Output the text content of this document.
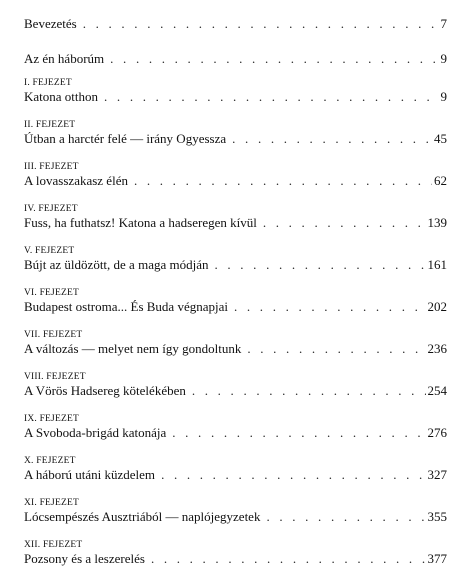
Bevezetés . . .	7
Az én háborúm . . .	9
I. FEJEZET
Katona otthon . . .	9
II. FEJEZET
Útban a harctér felé — irány Ogyessza . . .	45
III. FEJEZET
A lovasszakasz élén . . .	62
IV. FEJEZET
Fuss, ha futhatsz! Katona a hadseregen kívül . . .	139
V. FEJEZET
Bújt az üldözött, de a maga módján . . .	161
VI. FEJEZET
Budapest ostroma... És Buda végnapjai . . .	202
VII. FEJEZET
A változás — melyet nem így gondoltunk . . .	236
VIII. FEJEZET
A Vörös Hadsereg kötelékében . . .	254
IX. FEJEZET
A Svoboda-brigád katonája . . .	276
X. FEJEZET
A háború utáni küzdelem . . .	327
XI. FEJEZET
Lócsempészés Ausztriából — naplójegyzetek . . .	355
XII. FEJEZET
Pozsony és a leszerelés . . .	377
